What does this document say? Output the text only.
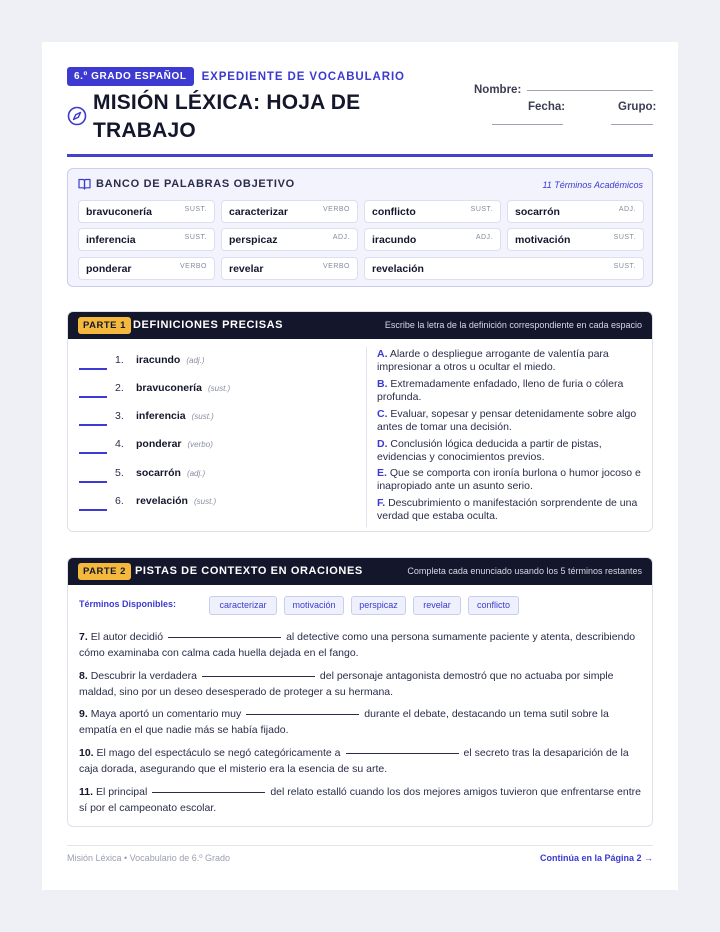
6.º GRADO ESPAÑOL	EXPEDIENTE DE VOCABULARIO
MISIÓN LÉXICA: HOJA DE TRABAJO
Nombre:
Fecha:	Grupo:
BANCO DE PALABRAS OBJETIVO	11 Términos Académicos
bravuconería	SUST. caracterizar	VERBO conflicto	SUST. socarrón	ADJ.
inferencia	SUST. perspicaz	ADJ. iracundo	ADJ. motivación	SUST.
ponderar	VERBO revelar	VERBO revelación	SUST.
PARTE 1 DEFINICIONES PRECISAS	Escribe la letra de la definición correspondiente en cada espacio
1. iracundo (adj.)
2. bravuconería (sust.)
3. inferencia (sust.)
4. ponderar (verbo)
5. socarrón (adj.)
6. revelación (sust.)
A. Alarde o despliegue arrogante de valentía para impresionar a otros u ocultar el miedo.
B. Extremadamente enfadado, lleno de furia o cólera profunda.
C. Evaluar, sopesar y pensar detenidamente sobre algo antes de tomar una decisión.
D. Conclusión lógica deducida a partir de pistas, evidencias y conocimientos previos.
E. Que se comporta con ironía burlona o humor jocoso e inapropiado ante un asunto serio.
F. Descubrimiento o manifestación sorprendente de una verdad que estaba oculta.
PARTE 2 PISTAS DE CONTEXTO EN ORACIONES	Completa cada enunciado usando los 5 términos restantes
Términos Disponibles:	caracterizar	motivación	perspicaz	revelar	conflicto
7. El autor decidió	al detective como una persona sumamente paciente y atenta, describiendo cómo examinaba con calma cada huella dejada en el fango.
8. Descubrir la verdadera	del personaje antagonista demostró que no actuaba por simple maldad, sino por un deseo desesperado de proteger a su hermana.
9. Maya aportó un comentario muy	durante el debate, destacando un tema sutil sobre la empatía en el que nadie más se había fijado.
10. El mago del espectáculo se negó categóricamente a	el secreto tras la desaparición de la caja dorada, asegurando que el misterio era la esencia de su arte.
11. El principal	del relato estalló cuando los dos mejores amigos tuvieron que enfrentarse entre sí por el campeonato escolar.
Misión Léxica • Vocabulario de 6.º Grado	Continúa en la Página 2 →
